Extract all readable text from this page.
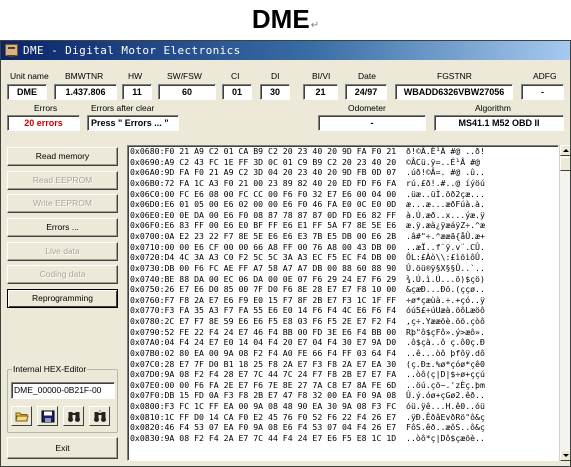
DME↵
DME - Digital Motor Electronics
Unit name BMWTNR	HW	SW/FSW	CI	DI	BI/VI	Date	FGSTNR	ADFG
DME	1.437.806	11	60	01	30	21	24/97	WBADD6326VBW27056	-
Errors	Errors after clear	Odometer	Algorithm
20 errors	Press " Errors ... "	-	MS41.1 M52 OBD II
Read memory
Read EEPROM
Write EEPROM
Errors ...
Live data
Coding data
Reprogramming
Internal HEX-Editor
DME_00000-0B21F-00
Exit
0x0680:F0 21 A9 C2 01 CA B9 C2 20 23 40 20 9D FA F0 21  ð!©Â.Ê¹Â #@ ..ð!
0x0690:A9 C2 43 FC 1E FF 3D 0C 01 C9 B9 C2 20 23 40 20  ©ÂCü.ÿ=..É¹Â #@
0x06A0:9D FA F0 21 A9 C2 3D 04 20 23 40 20 9D FB 0D 07  .úð!©Â=. #@ .û..
0x06B0:72 FA 1C A3 F0 21 00 23 89 82 40 20 ED FD F6 FA  rú.£ð!.#..@ íýöú
0x06C0:00 FC E6 08 00 FC CC 00 F6 F0 32 E7 E6 00 04 00  .üæ..üÌ.öð2çæ...
0x06D0:E6 01 05 00 E6 02 00 00 E6 F0 46 FA E0 0C E0 0D  æ...æ...æðFúà.à.
0x06E0:E0 0E DA 00 E6 F0 08 87 78 87 87 0D FD E6 82 FF  à.Ú.æð..x...ýæ.ÿ
0x06F0:E6 83 FF 00 E6 E0 BF FF E6 E1 FF 5A F7 8E 5E E6  æ.ÿ.æà¿ÿæáÿZ÷.^æ
0x0700:0A E2 23 22 F7 8E 5E E6 E6 E3 7B E5 DB 00 E6 2B  .â#"÷.^ææã{åÛ.æ+
0x0710:00 00 E6 CF 00 00 66 A8 FF 00 76 A8 00 43 DB 00  ..æÏ..f¨ÿ.v¨.CÛ.
0x0720:D4 4C 3A A3 C0 F2 5C 5C 3A A3 EC F5 EC F4 DB 00  ÔL:£Àò\\:£ìõìôÛ.
0x0730:DB 00 F6 FC AE FF A7 58 A7 A7 DB 00 88 60 88 90  Û.öü®ÿ§X§§Û..`..
0x0740:BE 88 DA 00 EC 06 DA 00 0E 07 F6 29 24 E7 F6 29  ¾.Ú.ì.Ú...ö)$çö)
0x0750:26 E7 E6 D0 85 00 7F D0 F6 8E 28 E7 E7 F8 10 00  &çæÐ...Ðö.(ççø..
0x0760:F7 F8 2A E7 E6 F9 E0 15 F7 8F 2B E7 F3 1C 1F FF  ÷ø*çæùà.÷.+çó..ÿ
0x0770:F3 FA 35 A3 F7 FA 55 E6 E0 14 F6 F4 4C E6 F6 F4  óú5£÷úUæà.öôLæöô
0x0780:2C E7 F7 8E 59 E6 E6 F5 E8 03 F6 F5 2E E7 F2 F4  ,ç÷.Yææõè.öõ.çòô
0x0790:52 FE 22 F4 24 E7 46 F4 BB 00 FD 3E E6 F4 BB 00  Rþ"ô$çFô».ý>æô».
0x07A0:04 F4 24 E7 E0 14 04 F4 20 E7 04 F4 30 E7 9A D0  .ô$çà..ô ç.ô0ç.Ð
0x07B0:02 80 EA 00 9A 08 F2 F4 A0 FE 66 F4 FF 03 64 F4  ..ê...òô þfôÿ.dô
0x07C0:28 E7 7F D0 B1 18 25 F8 2A E7 F3 F8 2A E7 EA 30  (ç.Ð±.%ø*çóø*çê0
0x07D0:9A 08 F2 F4 28 E7 7C 44 7C 24 F7 F8 2B E7 E7 FA  ..òô(ç|D|$÷ø+ççú
0x07E0:00 00 F6 FA 2E E7 F6 7E 8E 27 7A C8 E7 8A FE 6D  ..öú.çö~.'zÈç.þm
0x07F0:DB 15 FD 0A F3 F8 2B E7 47 F8 32 00 EA F0 9A 08  Û.ý.óø+çGø2.êð..
0x0800:F3 FC 1C FF EA 00 9A 08 48 90 EA 30 9A 08 F3 FC  óü.ÿê...H.ê0..óü
0x0810:1C FF D0 14 CA F0 E2 45 76 F0 52 F6 22 F4 26 E7  .ÿÐ.ÊðâEvðRö"ô&ç
0x0820:46 F4 53 07 EA F0 9A 08 E6 F4 53 07 04 F4 26 E7  FôS.êð..æôS..ô&ç
0x0830:9A 08 F2 F4 2A E7 7C 44 F4 24 E7 E6 F5 E8 1C 1D  ..òô*ç|Dô$çæõè..
